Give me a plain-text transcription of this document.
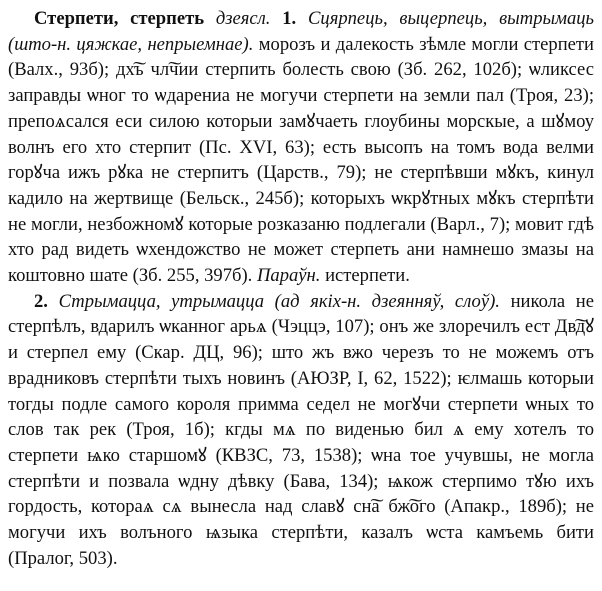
Стерпети, стерпеть дзеясл. 1. Сцярпець, выцерпець, вытрымаць (што-н. цяжкае, непрыемнае). морозъ и далекость зѣмле могли стерпети (Валх., 93б); дх͠ъ чл͠чии стерпить болесть свою (Зб. 262, 102б); ѡликсес заправды ѡног то ѡдарениа не могучи стерпети на земли пал (Троя, 23); препоѧсался еси силою которыи замꙋчаеть глоубины морскые, а шꙋмоу волнъ его хто стерпит (Пс. XVI, 63); есть высопъ на томъ вода велми горꙋча ижъ рꙋка не стерпитъ (Царств., 79); не стерпѣвши мꙋкъ, кинул кадило на жертвище (Бельск., 245б); которыхъ ѡкрꙋтных мꙋкъ стерпѣти не могли, незбожномꙋ которые розказаню подлегали (Варл., 7); мовит гдѣ хто рад видеть ѡхендожство не может стерпеть ани намнешо змазы на коштовно шате (Зб. 255, 397б). Параўн. истерпети.

2. Стрымацца, утрымацца (ад якіх-н. дзеянняў, слоў). никола не стерпѣлъ, вдарилъ ѡканног арьѧ (Чэццэ, 107); онъ же злоречилъ ест Дв͠дꙋ и стерпел ему (Скар. ДЦ, 96); што жъ вжо черезъ то не можемъ отъ врадниковъ стерпѣти тыхъ новинъ (АЮЗР, I, 62, 1522); ѥлмашь которыи тогды подле самого короля примма седел не могꙋчи стерпети ѡных то слов так рек (Троя, 1б); кгды мѧ по виденью бил ѧ ему хотелъ то стерпети ѩко старшомꙋ (КВЗС, 73, 1538); ѡна тое учувшы, не могла стерпѣти и позвала ѡдну дѣвку (Бава, 134); ѩкож стерпимо тꙋю ихъ гордость, котораѧ сѧ вынесла над славꙋ сн͠а бж͠ого (Апакр., 189б); не могучи ихъ волъного ѩзыка стерпѣти, казалъ ѡста камъемь бити (Пралог, 503).
